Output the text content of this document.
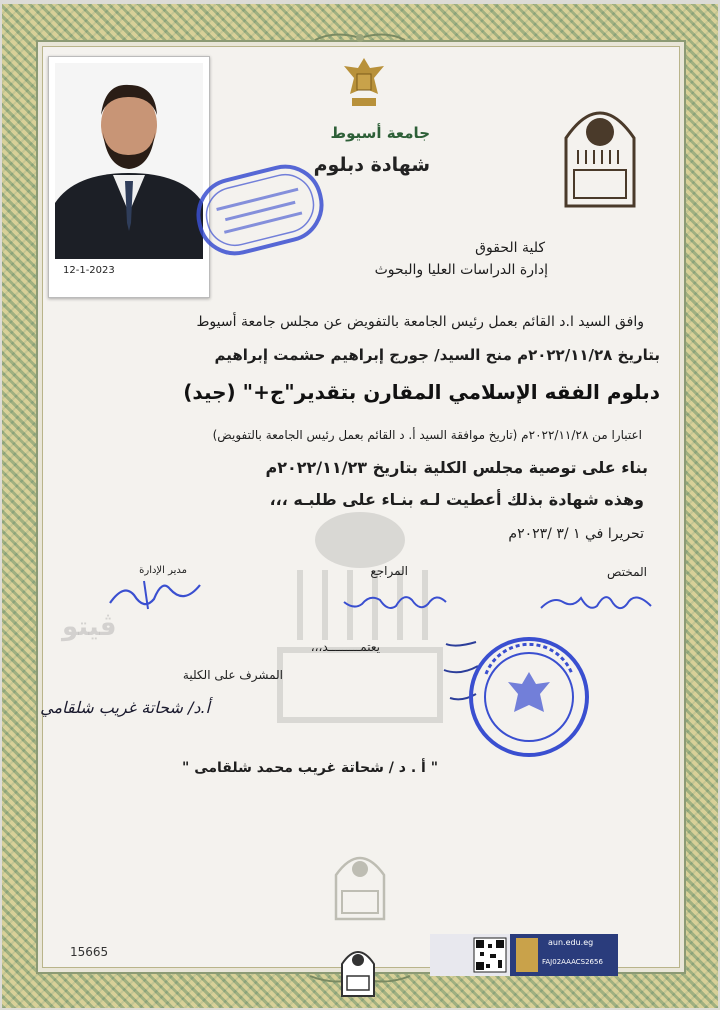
12-1-2023
جامعة أسيوط
شهادة دبلوم
كلية الحقوق
إدارة الدراسات العليا والبحوث
وافق السيد ا.د القائم بعمل رئيس الجامعة بالتفويض عن مجلس جامعة أسيوط
بتاريخ ٢٠٢٢/١١/٢٨م منح السيد/ جورج إبراهيم حشمت إبراهيم
دبلوم الفقه الإسلامي المقارن بتقدير"ج+" (جيد)
اعتبارا من ٢٠٢٢/١١/٢٨م (تاريخ موافقة السيد أ. د القائم بعمل رئيس الجامعة بالتفويض)
بناء على توصية مجلس الكلية بتاريخ ٢٠٢٢/١١/٢٣م
وهذه شهادة بذلك أعطيت لـه بنـاء على طلبـه ،،،
تحريرا في ١ /٣ /٢٠٢٣م
ڤيتو
المختص
المراجع
مدير الإدارة
يعتمـــــــــد،،،
المشرف على الكلية
أ.د/ شحاتة غريب شلقامي
" أ . د / شحاتة غريب محمد شلقامى "
15665
aun.edu.eg
FAJ02AAACS2656
